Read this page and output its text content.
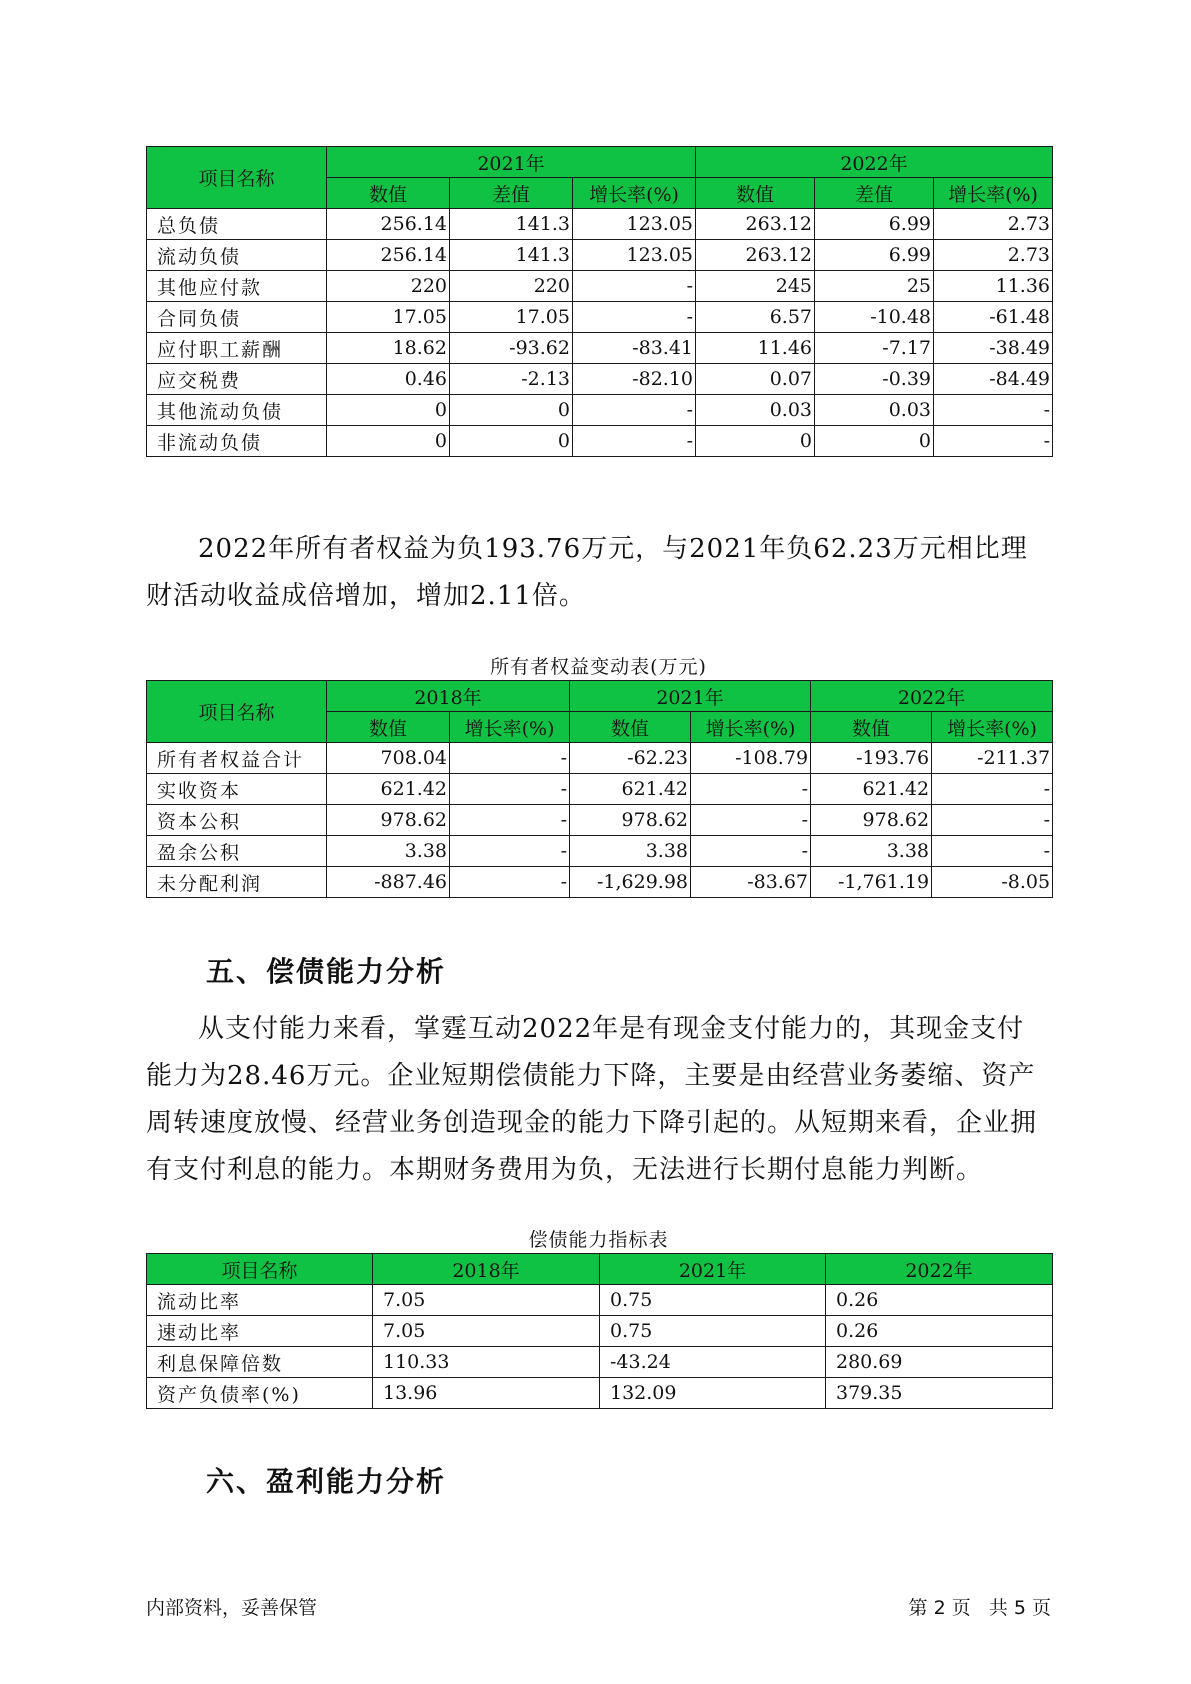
项目名称	2021年			2022年		
	数值	差值	增长率(%)	数值	差值	增长率(%)
总负债	256.14	141.3	123.05	263.12	6.99	2.73
流动负债	256.14	141.3	123.05	263.12	6.99	2.73
其他应付款	220	220	-	245	25	11.36
合同负债	17.05	17.05	-	6.57	-10.48	-61.48
应付职工薪酬	18.62	-93.62	-83.41	11.46	-7.17	-38.49
应交税费	0.46	-2.13	-82.10	0.07	-0.39	-84.49
其他流动负债	0	0	-	0.03	0.03	-
非流动负债	0	0	-	0	0	-

2022年所有者权益为负193.76万元，与2021年负62.23万元相比理财活动收益成倍增加，增加2.11倍。

所有者权益变动表(万元)
项目名称	2018年		2021年		2022年	
	数值	增长率(%)	数值	增长率(%)	数值	增长率(%)
所有者权益合计	708.04	-	-62.23	-108.79	-193.76	-211.37
实收资本	621.42	-	621.42	-	621.42	-
资本公积	978.62	-	978.62	-	978.62	-
盈余公积	3.38	-	3.38	-	3.38	-
未分配利润	-887.46	-	-1,629.98	-83.67	-1,761.19	-8.05
五、偿债能力分析

从支付能力来看，掌霆互动2022年是有现金支付能力的，其现金支付能力为28.46万元。企业短期偿债能力下降，主要是由经营业务萎缩、资产周转速度放慢、经营业务创造现金的能力下降引起的。从短期来看，企业拥有支付利息的能力。本期财务费用为负，无法进行长期付息能力判断。

偿债能力指标表
项目名称	2018年	2021年	2022年
流动比率	7.05	0.75	0.26
速动比率	7.05	0.75	0.26
利息保障倍数	110.33	-43.24	280.69
资产负债率(%)	13.96	132.09	379.35
六、盈利能力分析
内部资料，妥善保管	第 2 页   共 5 页
